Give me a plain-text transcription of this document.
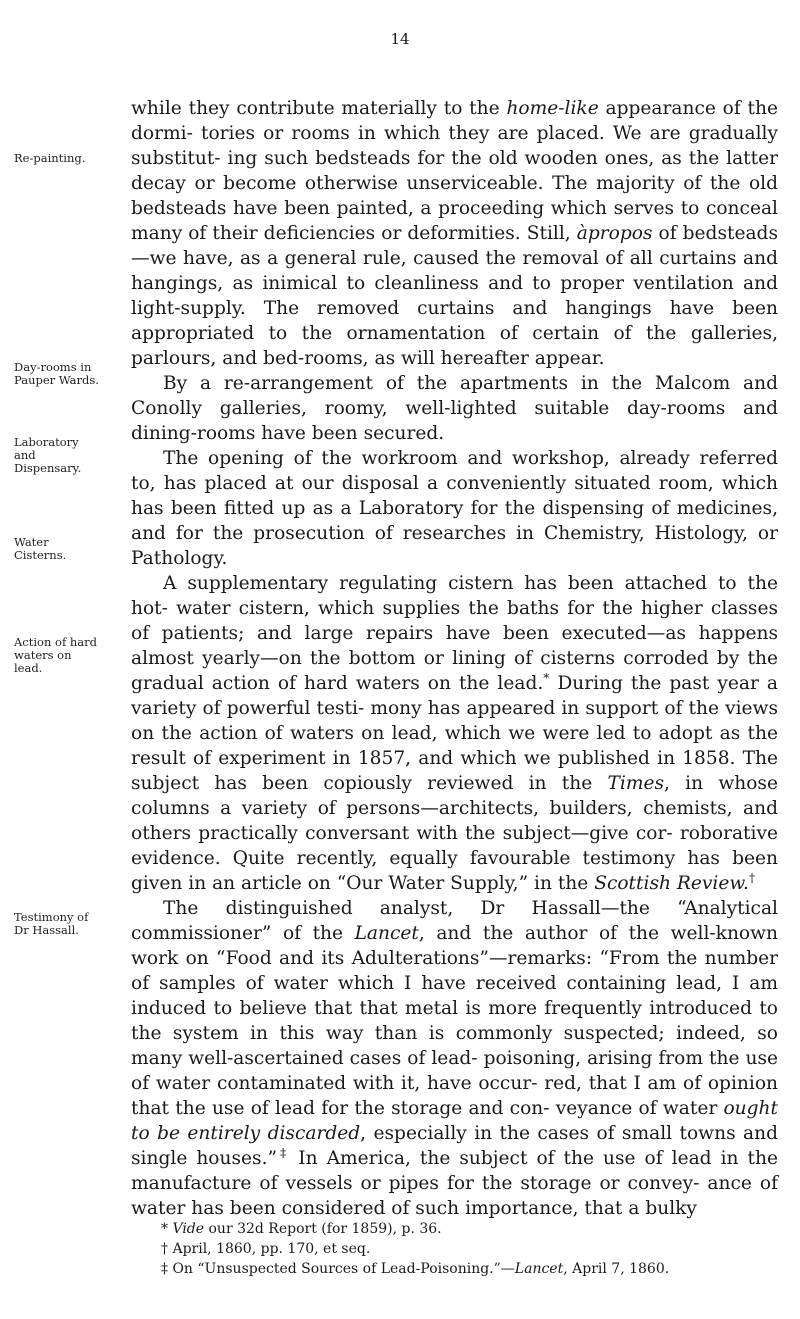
14
Re-painting.
Day-rooms in Pauper Wards.
Laboratory and Dispensary.
Water Cisterns.
Action of hard waters on lead.
Testimony of Dr Hassall.

while they contribute materially to the home-like appearance of the dormi- tories or rooms in which they are placed. We are gradually substitut- ing such bedsteads for the old wooden ones, as the latter decay or become otherwise unserviceable. The majority of the old bedsteads have been painted, a proceeding which serves to conceal many of their deficiencies or deformities. Still, àpropos of bedsteads—we have, as a general rule, caused the removal of all curtains and hangings, as inimical to cleanliness and to proper ventilation and light-supply. The removed curtains and hangings have been appropriated to the ornamentation of certain of the galleries, parlours, and bed-rooms, as will hereafter appear.

By a re-arrangement of the apartments in the Malcom and Conolly galleries, roomy, well-lighted suitable day-rooms and dining-rooms have been secured.

The opening of the workroom and workshop, already referred to, has placed at our disposal a conveniently situated room, which has been fitted up as a Laboratory for the dispensing of medicines, and for the prosecution of researches in Chemistry, Histology, or Pathology.

A supplementary regulating cistern has been attached to the hot- water cistern, which supplies the baths for the higher classes of patients; and large repairs have been executed—as happens almost yearly—on the bottom or lining of cisterns corroded by the gradual action of hard waters on the lead.* During the past year a variety of powerful testi- mony has appeared in support of the views on the action of waters on lead, which we were led to adopt as the result of experiment in 1857, and which we published in 1858. The subject has been copiously reviewed in the Times, in whose columns a variety of persons—architects, builders, chemists, and others practically conversant with the subject—give cor- roborative evidence. Quite recently, equally favourable testimony has been given in an article on “Our Water Supply,” in the Scottish Review.†

The distinguished analyst, Dr Hassall—the “Analytical commissioner” of the Lancet, and the author of the well-known work on “Food and its Adulterations”—remarks: “From the number of samples of water which I have received containing lead, I am induced to believe that that metal is more frequently introduced to the system in this way than is commonly suspected; indeed, so many well-ascertained cases of lead- poisoning, arising from the use of water contaminated with it, have occur- red, that I am of opinion that the use of lead for the storage and con- veyance of water ought to be entirely discarded, especially in the cases of small towns and single houses.”‡ In America, the subject of the use of lead in the manufacture of vessels or pipes for the storage or convey- ance of water has been considered of such importance, that a bulky

* Vide our 32d Report (for 1859), p. 36.

† April, 1860, pp. 170, et seq.

‡ On “Unsuspected Sources of Lead-Poisoning.”—Lancet, April 7, 1860.
